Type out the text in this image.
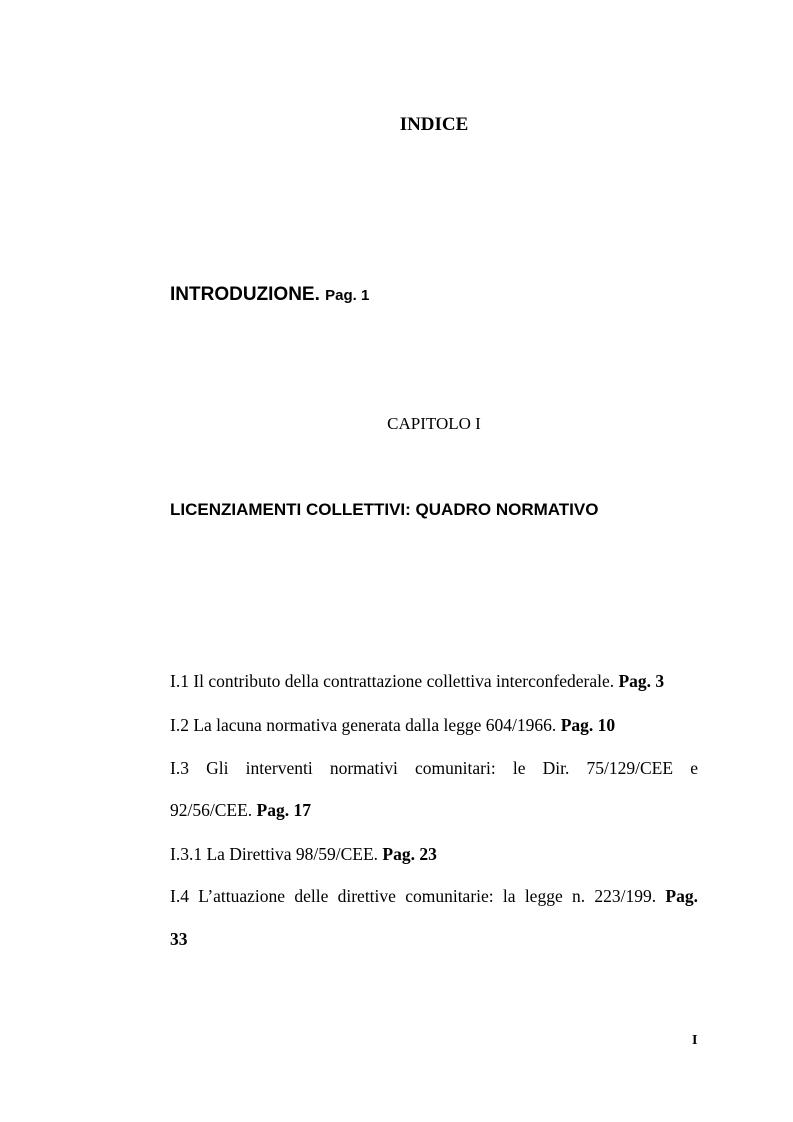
INDICE
INTRODUZIONE. Pag. 1
CAPITOLO I
LICENZIAMENTI COLLETTIVI: QUADRO NORMATIVO
I.1 Il contributo della contrattazione collettiva interconfederale. Pag. 3
I.2 La lacuna normativa generata dalla legge 604/1966. Pag. 10
I.3 Gli interventi normativi comunitari: le Dir. 75/129/CEE e
92/56/CEE. Pag. 17
I.3.1 La Direttiva 98/59/CEE. Pag. 23
I.4 L’attuazione delle direttive comunitarie: la legge n. 223/199. Pag.
33
I
